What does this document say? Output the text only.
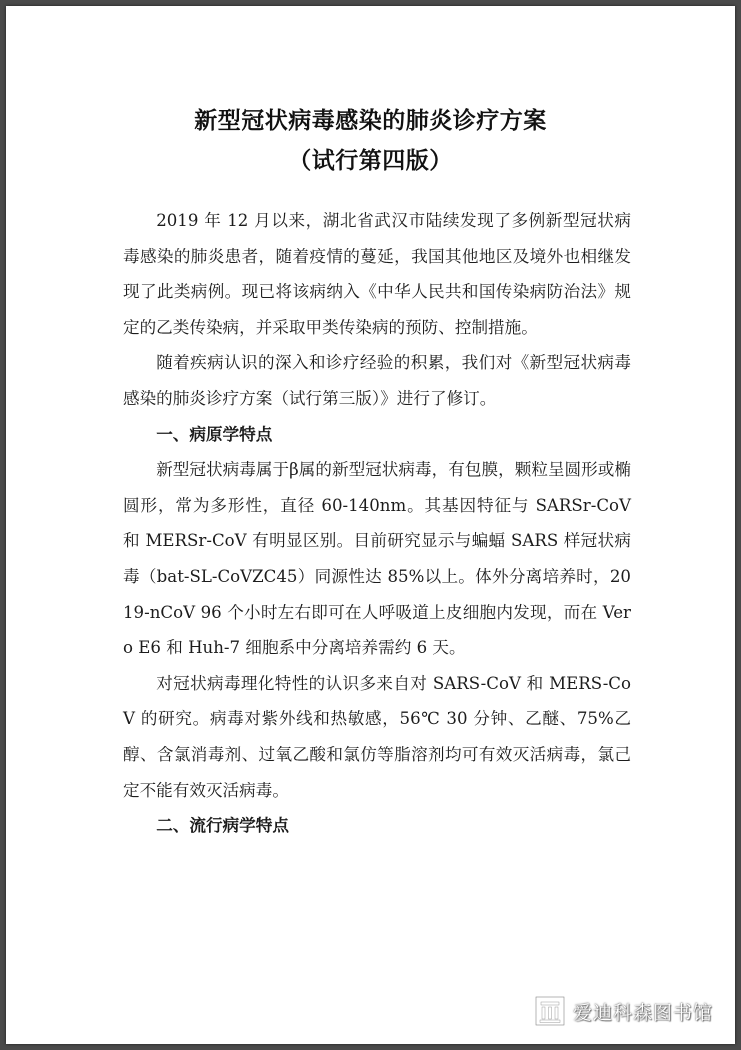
新型冠状病毒感染的肺炎诊疗方案
（试行第四版）

2019 年 12 月以来，湖北省武汉市陆续发现了多例新型冠状病毒感染的肺炎患者，随着疫情的蔓延，我国其他地区及境外也相继发现了此类病例。现已将该病纳入《中华人民共和国传染病防治法》规定的乙类传染病，并采取甲类传染病的预防、控制措施。

随着疾病认识的深入和诊疗经验的积累，我们对《新型冠状病毒感染的肺炎诊疗方案（试行第三版）》进行了修订。

一、病原学特点

新型冠状病毒属于β属的新型冠状病毒，有包膜，颗粒呈圆形或椭圆形，常为多形性，直径 60-140nm。其基因特征与 SARSr-CoV 和 MERSr-CoV 有明显区别。目前研究显示与蝙蝠 SARS 样冠状病毒（bat-SL-CoVZC45）同源性达 85%以上。体外分离培养时，2019-nCoV 96 个小时左右即可在人呼吸道上皮细胞内发现，而在 Vero E6 和 Huh-7 细胞系中分离培养需约 6 天。

对冠状病毒理化特性的认识多来自对 SARS-CoV 和 MERS-CoV 的研究。病毒对紫外线和热敏感，56℃ 30 分钟、乙醚、75%乙醇、含氯消毒剂、过氧乙酸和氯仿等脂溶剂均可有效灭活病毒，氯己定不能有效灭活病毒。

二、流行病学特点

爱迪科森图书馆
